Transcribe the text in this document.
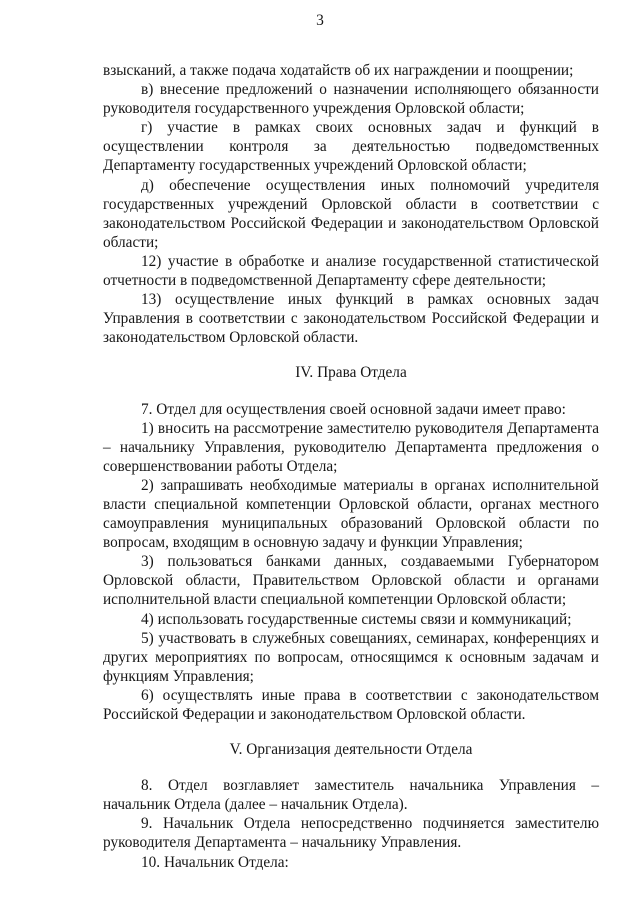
3

взысканий, а также подача ходатайств об их награждении и поощрении;

в) внесение предложений о назначении исполняющего обязанности руководителя государственного учреждения Орловской области;

г) участие в рамках своих основных задач и функций в осуществлении контроля за деятельностью подведомственных Департаменту государственных учреждений Орловской области;

д) обеспечение осуществления иных полномочий учредителя государственных учреждений Орловской области в соответствии с законодательством Российской Федерации и законодательством Орловской области;

12) участие в обработке и анализе государственной статистической отчетности в подведомственной Департаменту сфере деятельности;

13) осуществление иных функций в рамках основных задач Управления в соответствии с законодательством Российской Федерации и законодательством Орловской области.

IV. Права Отдела

7. Отдел для осуществления своей основной задачи имеет право:

1) вносить на рассмотрение заместителю руководителя Департамента – начальнику Управления, руководителю Департамента предложения о совершенствовании работы Отдела;

2) запрашивать необходимые материалы в органах исполнительной власти специальной компетенции Орловской области, органах местного самоуправления муниципальных образований Орловской области по вопросам, входящим в основную задачу и функции Управления;

3) пользоваться банками данных, создаваемыми Губернатором Орловской области, Правительством Орловской области и органами исполнительной власти специальной компетенции Орловской области;

4) использовать государственные системы связи и коммуникаций;

5) участвовать в служебных совещаниях, семинарах, конференциях и других мероприятиях по вопросам, относящимся к основным задачам и функциям Управления;

6) осуществлять иные права в соответствии с законодательством Российской Федерации и законодательством Орловской области.

V. Организация деятельности Отдела

8. Отдел возглавляет заместитель начальника Управления – начальник Отдела (далее – начальник Отдела).

9. Начальник Отдела непосредственно подчиняется заместителю руководителя Департамента – начальнику Управления.

10. Начальник Отдела:
